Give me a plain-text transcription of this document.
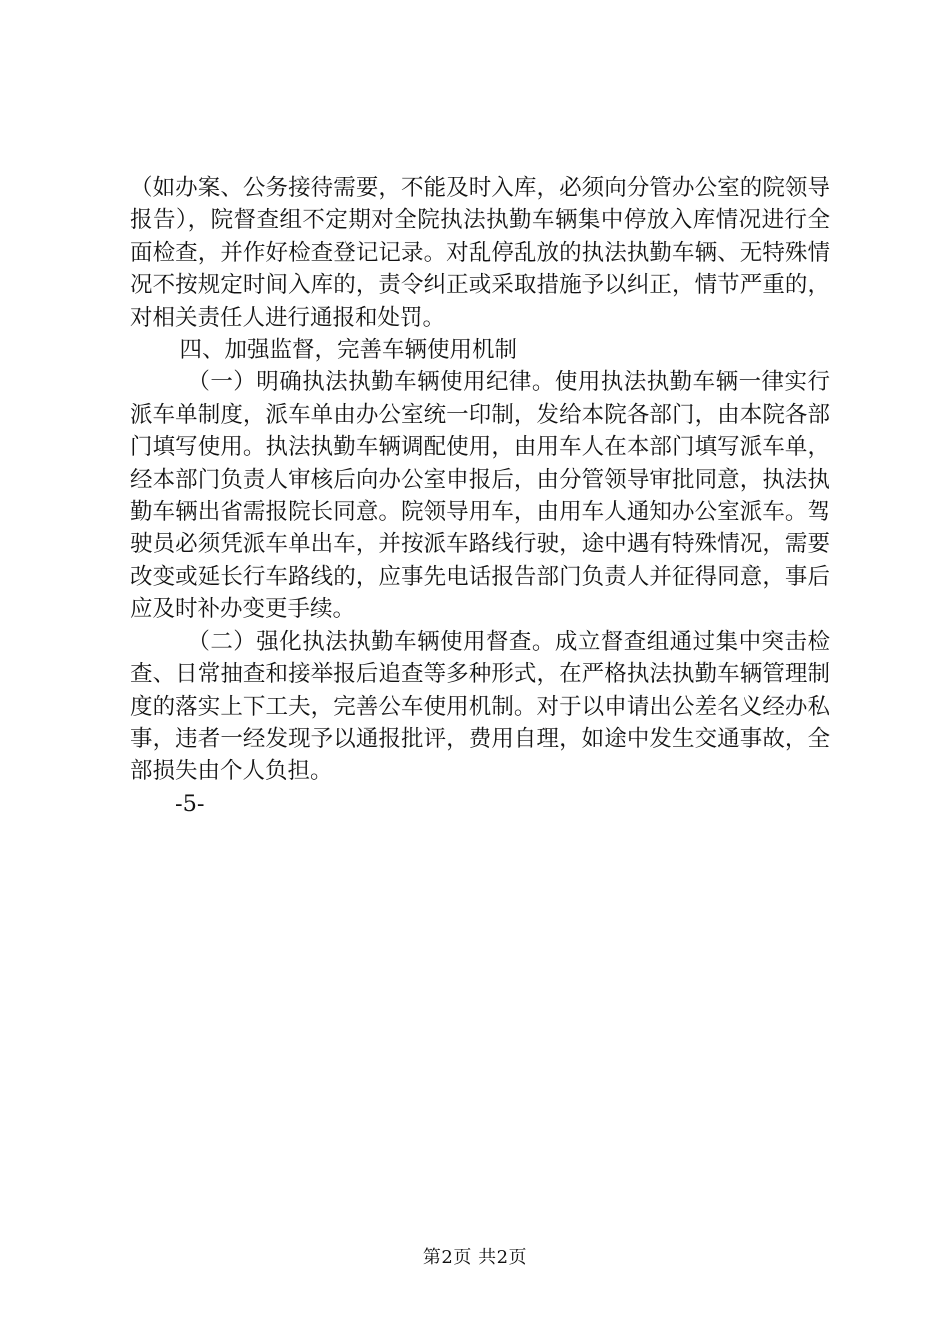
（如办案、公务接待需要，不能及时入库，必须向分管办公室的院领导报告），院督查组不定期对全院执法执勤车辆集中停放入库情况进行全面检查，并作好检查登记记录。对乱停乱放的执法执勤车辆、无特殊情况不按规定时间入库的，责令纠正或采取措施予以纠正，情节严重的，对相关责任人进行通报和处罚。

四、加强监督，完善车辆使用机制

（一）明确执法执勤车辆使用纪律。使用执法执勤车辆一律实行派车单制度，派车单由办公室统一印制，发给本院各部门，由本院各部门填写使用。执法执勤车辆调配使用，由用车人在本部门填写派车单，经本部门负责人审核后向办公室申报后，由分管领导审批同意，执法执勤车辆出省需报院长同意。院领导用车，由用车人通知办公室派车。驾驶员必须凭派车单出车，并按派车路线行驶，途中遇有特殊情况，需要改变或延长行车路线的，应事先电话报告部门负责人并征得同意，事后应及时补办变更手续。

（二）强化执法执勤车辆使用督查。成立督查组通过集中突击检查、日常抽查和接举报后追查等多种形式，在严格执法执勤车辆管理制度的落实上下工夫，完善公车使用机制。对于以申请出公差名义经办私事，违者一经发现予以通报批评，费用自理，如途中发生交通事故，全部损失由个人负担。

-5-

第2页 共2页
